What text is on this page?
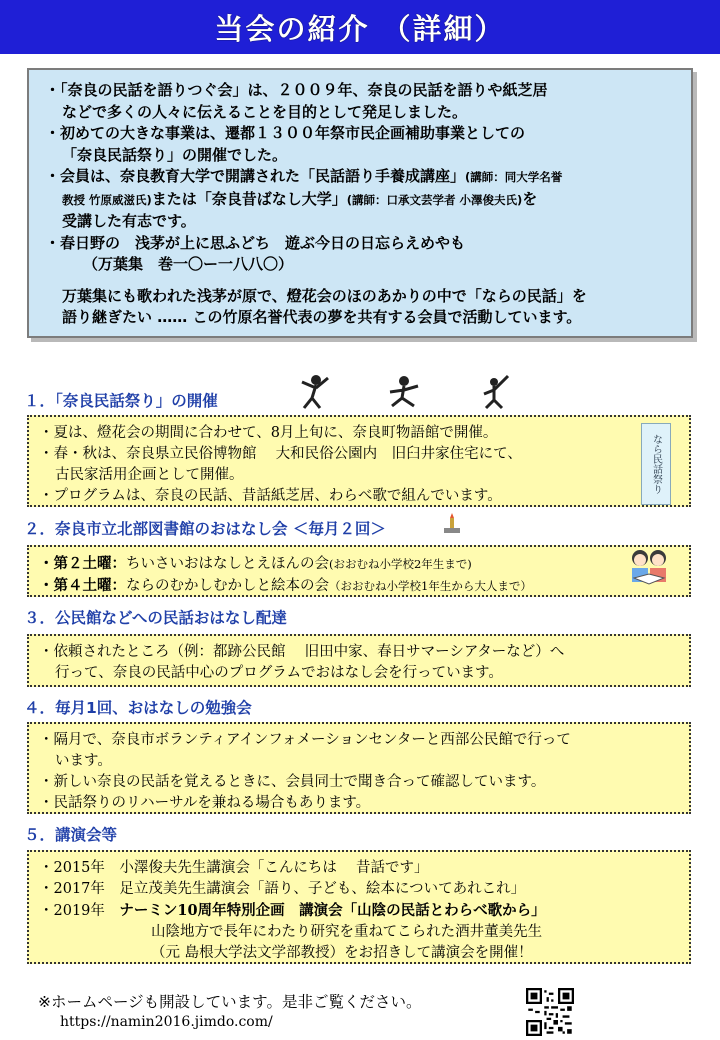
当会の紹介 （詳細）

・「奈良の民話を語りつぐ会」は、２００９年、奈良の民話を語りや紙芝居

などで多くの人々に伝えることを目的として発足しました。

・初めての大きな事業は、遷都１３００年祭市民企画補助事業としての

「奈良民話祭り」の開催でした。

・会員は、奈良教育大学で開講された「民話語り手養成講座」(講師：同大学名誉

教授 竹原威滋氏)または「奈良昔ばなし大学」(講師：口承文芸学者 小澤俊夫氏)を

受講した有志です。

・春日野の　浅茅が上に思ふどち　遊ぶ今日の日忘らえめやも

（万葉集　巻一〇ー一八八〇）

万葉集にも歌われた浅茅が原で、燈花会のほのあかりの中で「ならの民話」を

語り継ぎたい …… この竹原名誉代表の夢を共有する会員で活動しています。

１．「奈良民話祭り」の開催

・夏は、燈花会の期間に合わせて、8月上旬に、奈良町物語館で開催。

・春・秋は、奈良県立民俗博物館　 大和民俗公園内　旧臼井家住宅にて、

古民家活用企画として開催。

・プログラムは、奈良の民話、昔話紙芝居、わらべ歌で組んでいます。

なら民話祭り
２．奈良市立北部図書館のおはなし会 ＜毎月２回＞

・第２土曜：ちいさいおはなしとえほんの会(おおむね小学校2年生まで)

・第４土曜：ならのむかしむかしと絵本の会（おおむね小学校1年生から大人まで）

３．公民館などへの民話おはなし配達

・依頼されたところ（例：都跡公民館　 旧田中家、春日サマーシアターなど）へ

行って、奈良の民話中心のプログラムでおはなし会を行っています。

４．毎月1回、おはなしの勉強会

・隔月で、奈良市ボランティアインフォメーションセンターと西部公民館で行って

います。

・新しい奈良の民話を覚えるときに、会員同士で聞き合って確認しています。

・民話祭りのリハーサルを兼ねる場合もあります。

５．講演会等

・2015年　小澤俊夫先生講演会「こんにちは　 昔話です」

・2017年　足立茂美先生講演会「語り、子ども、絵本についてあれこれ」

・2019年　ナーミン10周年特別企画　講演会「山陰の民話とわらべ歌から」

山陰地方で長年にわたり研究を重ねてこられた酒井董美先生

（元 島根大学法文学部教授）をお招きして講演会を開催！

※ホームページも開設しています。是非ご覧ください。

https://namin2016.jimdo.com/
